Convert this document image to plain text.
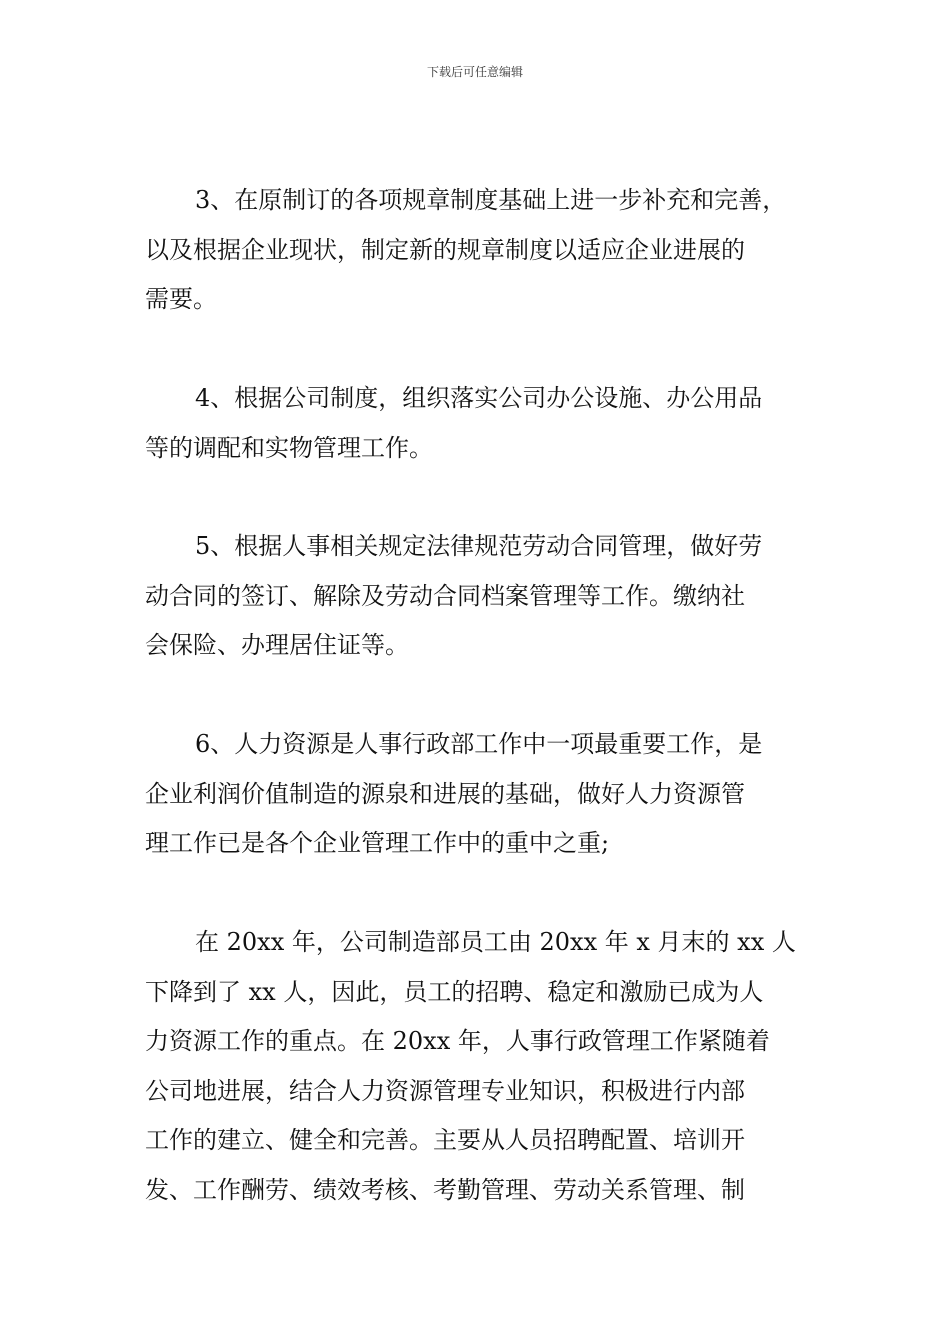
下载后可任意编辑
3、在原制订的各项规章制度基础上进一步补充和完善，
以及根据企业现状，制定新的规章制度以适应企业进展的
需要。
4、根据公司制度，组织落实公司办公设施、办公用品
等的调配和实物管理工作。
5、根据人事相关规定法律规范劳动合同管理，做好劳
动合同的签订、解除及劳动合同档案管理等工作。缴纳社
会保险、办理居住证等。
6、人力资源是人事行政部工作中一项最重要工作，是
企业利润价值制造的源泉和进展的基础，做好人力资源管
理工作已是各个企业管理工作中的重中之重;
在 20xx 年，公司制造部员工由 20xx 年 x 月末的 xx 人
下降到了 xx 人，因此，员工的招聘、稳定和激励已成为人
力资源工作的重点。在 20xx 年，人事行政管理工作紧随着
公司地进展，结合人力资源管理专业知识，积极进行内部
工作的建立、健全和完善。主要从人员招聘配置、培训开
发、工作酬劳、绩效考核、考勤管理、劳动关系管理、制
